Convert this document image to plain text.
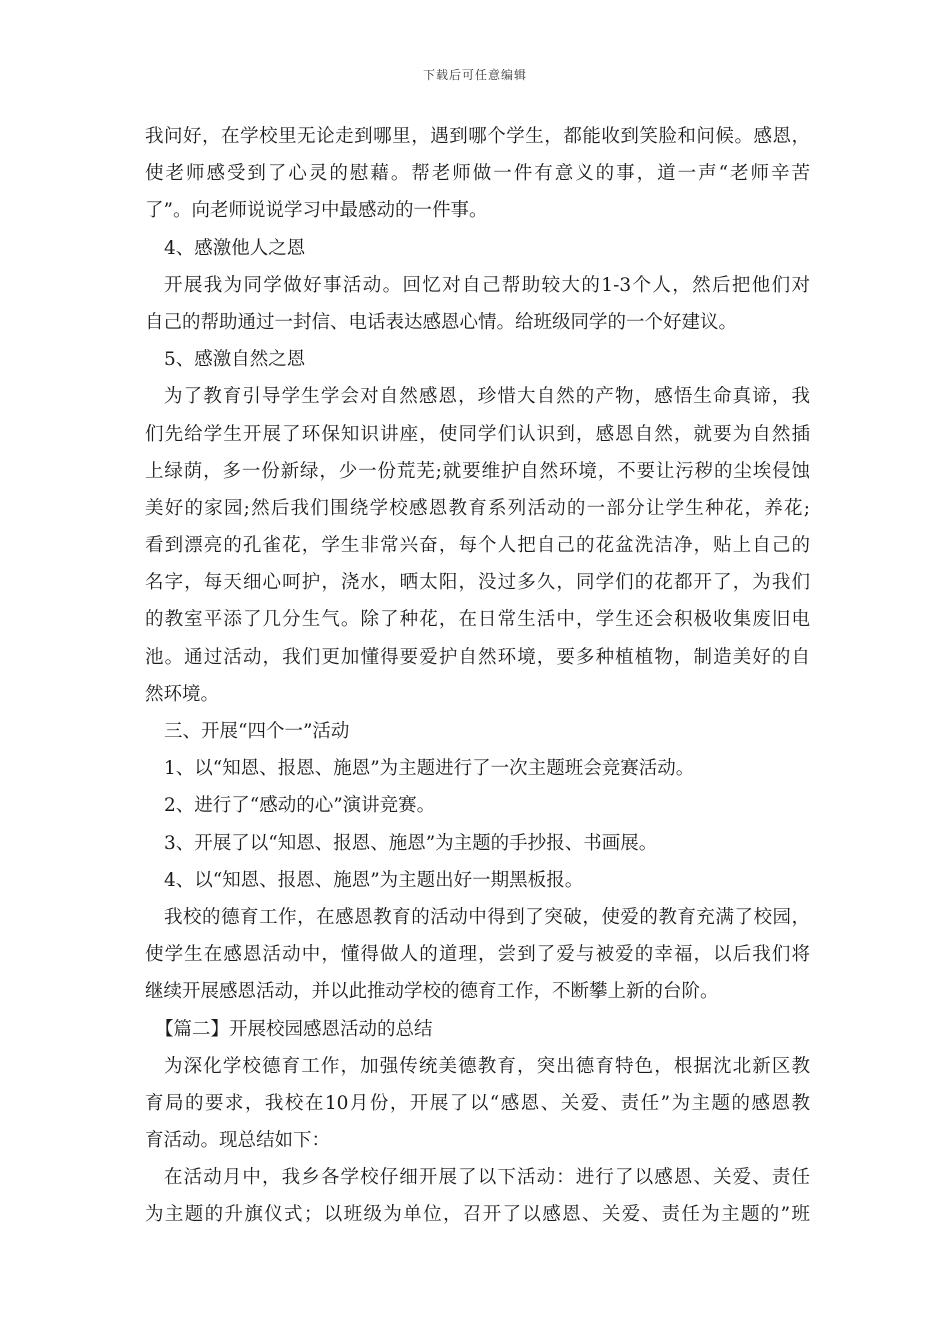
下载后可任意编辑
我问好，在学校里无论走到哪里，遇到哪个学生，都能收到笑脸和问候。感恩，
使老师感受到了心灵的慰藉。帮老师做一件有意义的事，道一声“老师辛苦
了”。向老师说说学习中最感动的一件事。
4、感激他人之恩
开展我为同学做好事活动。回忆对自己帮助较大的1-3个人，然后把他们对
自己的帮助通过一封信、电话表达感恩心情。给班级同学的一个好建议。
5、感激自然之恩
为了教育引导学生学会对自然感恩，珍惜大自然的产物，感悟生命真谛，我
们先给学生开展了环保知识讲座，使同学们认识到，感恩自然，就要为自然插
上绿荫，多一份新绿，少一份荒芜;就要维护自然环境，不要让污秽的尘埃侵蚀
美好的家园;然后我们围绕学校感恩教育系列活动的一部分让学生种花，养花;
看到漂亮的孔雀花，学生非常兴奋，每个人把自己的花盆洗洁净，贴上自己的
名字，每天细心呵护，浇水，晒太阳，没过多久，同学们的花都开了，为我们
的教室平添了几分生气。除了种花，在日常生活中，学生还会积极收集废旧电
池。通过活动，我们更加懂得要爱护自然环境，要多种植植物，制造美好的自
然环境。
三、开展“四个一”活动
1、以“知恩、报恩、施恩”为主题进行了一次主题班会竞赛活动。
2、进行了“感动的心”演讲竞赛。
3、开展了以“知恩、报恩、施恩”为主题的手抄报、书画展。
4、以“知恩、报恩、施恩”为主题出好一期黑板报。
我校的德育工作，在感恩教育的活动中得到了突破，使爱的教育充满了校园，
使学生在感恩活动中，懂得做人的道理，尝到了爱与被爱的幸福，以后我们将
继续开展感恩活动，并以此推动学校的德育工作，不断攀上新的台阶。
【篇二】开展校园感恩活动的总结
为深化学校德育工作，加强传统美德教育，突出德育特色，根据沈北新区教
育局的要求，我校在10月份，开展了以“感恩、关爱、责任”为主题的感恩教
育活动。现总结如下：
在活动月中，我乡各学校仔细开展了以下活动：进行了以感恩、关爱、责任
为主题的升旗仪式；以班级为单位，召开了以感恩、关爱、责任为主题的”班
